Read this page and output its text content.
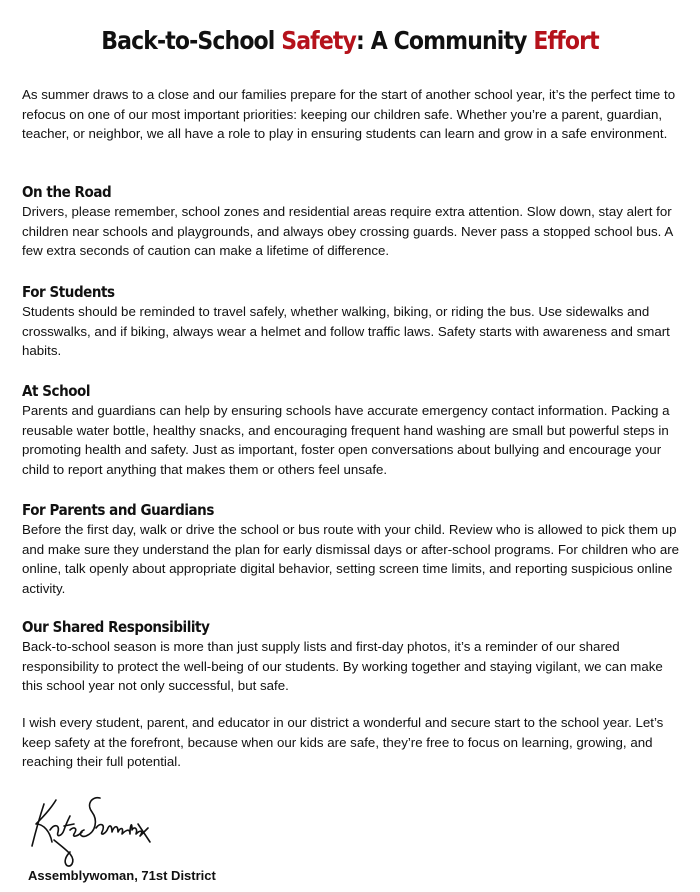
Back-to-School Safety: A Community Effort

As summer draws to a close and our families prepare for the start of another school year, it’s the perfect time to refocus on one of our most important priorities: keeping our children safe. Whether you’re a parent, guardian, teacher, or neighbor, we all have a role to play in ensuring students can learn and grow in a safe environment.

On the Road

Drivers, please remember, school zones and residential areas require extra attention. Slow down, stay alert for children near schools and playgrounds, and always obey crossing guards. Never pass a stopped school bus. A few extra seconds of caution can make a lifetime of difference.

For Students

Students should be reminded to travel safely, whether walking, biking, or riding the bus. Use sidewalks and crosswalks, and if biking, always wear a helmet and follow traffic laws. Safety starts with awareness and smart habits.

At School

Parents and guardians can help by ensuring schools have accurate emergency contact information. Packing a reusable water bottle, healthy snacks, and encouraging frequent hand washing are small but powerful steps in promoting health and safety. Just as important, foster open conversations about bullying and encourage your child to report anything that makes them or others feel unsafe.

For Parents and Guardians

Before the first day, walk or drive the school or bus route with your child. Review who is allowed to pick them up and make sure they understand the plan for early dismissal days or after-school programs. For children who are online, talk openly about appropriate digital behavior, setting screen time limits, and reporting suspicious online activity.

Our Shared Responsibility

Back-to-school season is more than just supply lists and first-day photos, it’s a reminder of our shared responsibility to protect the well-being of our students. By working together and staying vigilant, we can make this school year not only successful, but safe.

I wish every student, parent, and educator in our district a wonderful and secure start to the school year. Let’s keep safety at the forefront, because when our kids are safe, they’re free to focus on learning, growing, and reaching their full potential.

Assemblywoman, 71st District
